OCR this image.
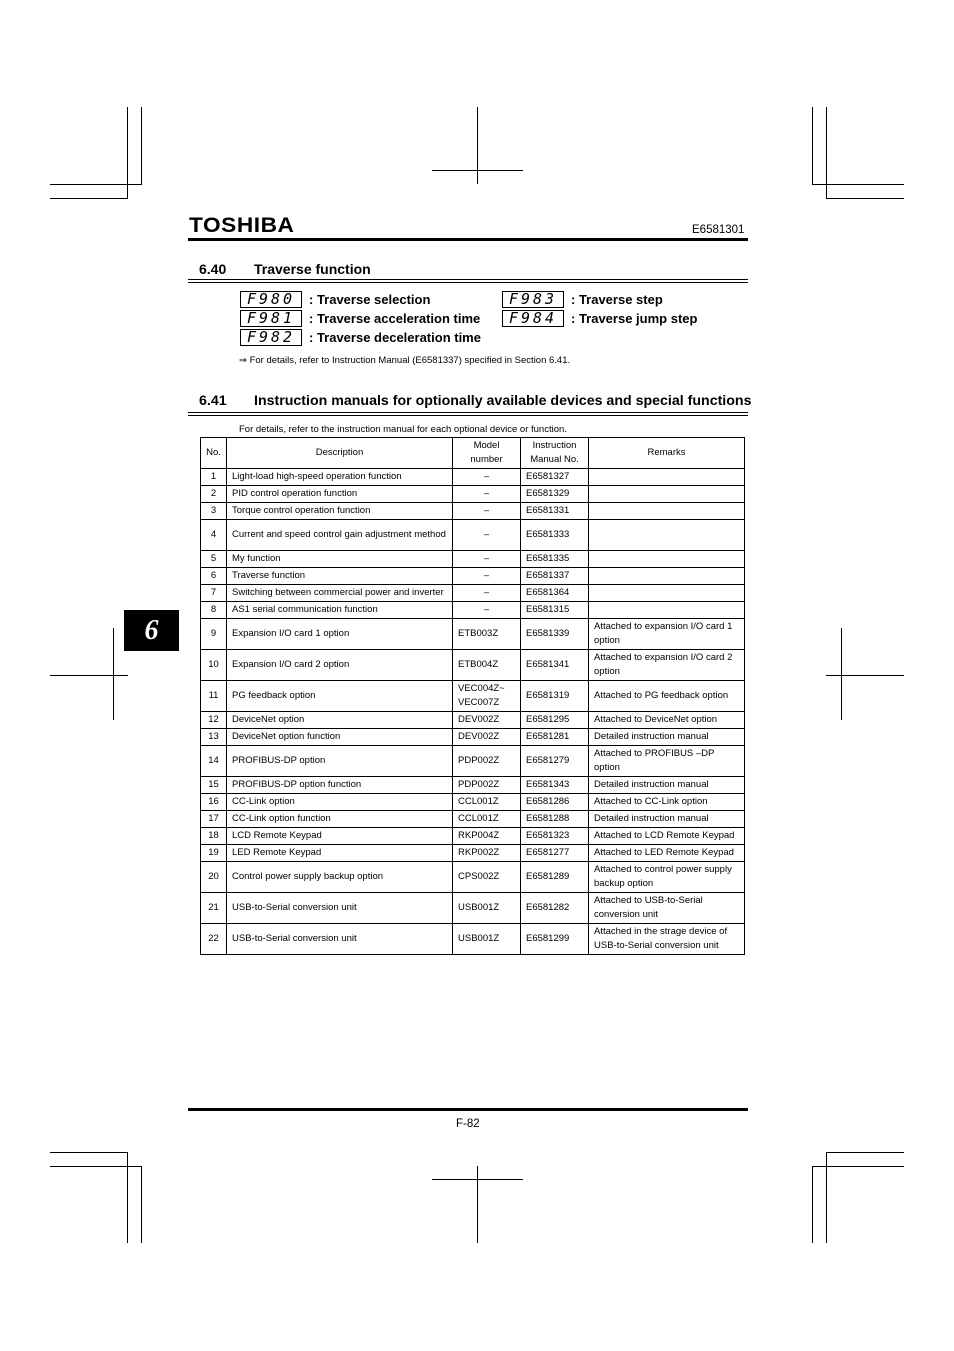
TOSHIBA	E6581301
6.40 Traverse function
F980	: Traverse selection
F981	: Traverse acceleration time
F982	: Traverse deceleration time
F983	: Traverse step
F984	: Traverse jump step
⇒ For details, refer to Instruction Manual (E6581337) specified in Section 6.41.
6.41 Instruction manuals for optionally available devices and special functions
For details, refer to the instruction manual for each optional device or function.
No.	Description	Model number	Instruction Manual No.	Remarks
1	Light-load high-speed operation function	–	E6581327	
2	PID control operation function	–	E6581329	
3	Torque control operation function	–	E6581331	
4	Current and speed control gain adjustment method	–	E6581333	
5	My function	–	E6581335	
6	Traverse function	–	E6581337	
7	Switching between commercial power and inverter	–	E6581364	
8	AS1 serial communication function	–	E6581315	
9	Expansion I/O card 1 option	ETB003Z	E6581339	Attached to expansion I/O card 1 option
10	Expansion I/O card 2 option	ETB004Z	E6581341	Attached to expansion I/O card 2 option
11	PG feedback option	VEC004Z~ VEC007Z	E6581319	Attached to PG feedback option
12	DeviceNet option	DEV002Z	E6581295	Attached to DeviceNet option
13	DeviceNet option function	DEV002Z	E6581281	Detailed instruction manual
14	PROFIBUS-DP option	PDP002Z	E6581279	Attached to PROFIBUS –DP option
15	PROFIBUS-DP option function	PDP002Z	E6581343	Detailed instruction manual
16	CC-Link option	CCL001Z	E6581286	Attached to CC-Link option
17	CC-Link option function	CCL001Z	E6581288	Detailed instruction manual
18	LCD Remote Keypad	RKP004Z	E6581323	Attached to LCD Remote Keypad
19	LED Remote Keypad	RKP002Z	E6581277	Attached to LED Remote Keypad
20	Control power supply backup option	CPS002Z	E6581289	Attached to control power supply backup option
21	USB-to-Serial conversion unit	USB001Z	E6581282	Attached to USB-to-Serial conversion unit
22	USB-to-Serial conversion unit	USB001Z	E6581299	Attached in the strage device of USB-to-Serial conversion unit
6
F-82
